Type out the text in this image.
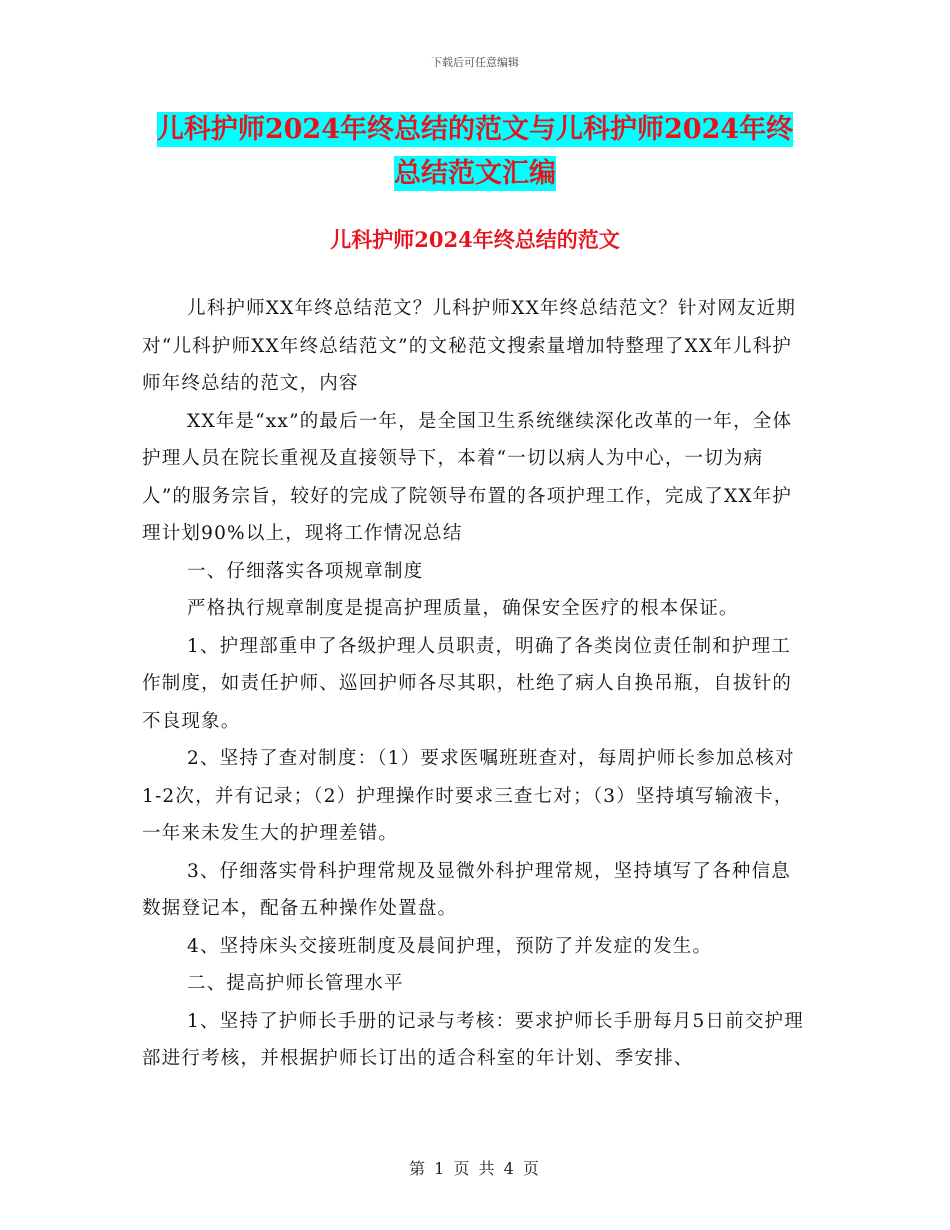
下载后可任意编辑
儿科护师2024年终总结的范文与儿科护师2024年终
总结范文汇编
儿科护师2024年终总结的范文

儿科护师XX年终总结范文？儿科护师XX年终总结范文？针对网友近期对“儿科护师XX年终总结范文”的文秘范文搜索量增加特整理了XX年儿科护师年终总结的范文，内容

XX年是“xx”的最后一年，是全国卫生系统继续深化改革的一年，全体护理人员在院长重视及直接领导下，本着“一切以病人为中心，一切为病人”的服务宗旨，较好的完成了院领导布置的各项护理工作，完成了XX年护理计划90%以上，现将工作情况总结

一、仔细落实各项规章制度

严格执行规章制度是提高护理质量，确保安全医疗的根本保证。

1、护理部重申了各级护理人员职责，明确了各类岗位责任制和护理工作制度，如责任护师、巡回护师各尽其职，杜绝了病人自换吊瓶，自拔针的不良现象。

2、坚持了查对制度：（1）要求医嘱班班查对，每周护师长参加总核对1-2次，并有记录；（2）护理操作时要求三查七对；（3）坚持填写输液卡，一年来未发生大的护理差错。

3、仔细落实骨科护理常规及显微外科护理常规，坚持填写了各种信息数据登记本，配备五种操作处置盘。

4、坚持床头交接班制度及晨间护理，预防了并发症的发生。

二、提高护师长管理水平

1、坚持了护师长手册的记录与考核：要求护师长手册每月5日前交护理部进行考核，并根据护师长订出的适合科室的年计划、季安排、

第 1 页 共 4 页
